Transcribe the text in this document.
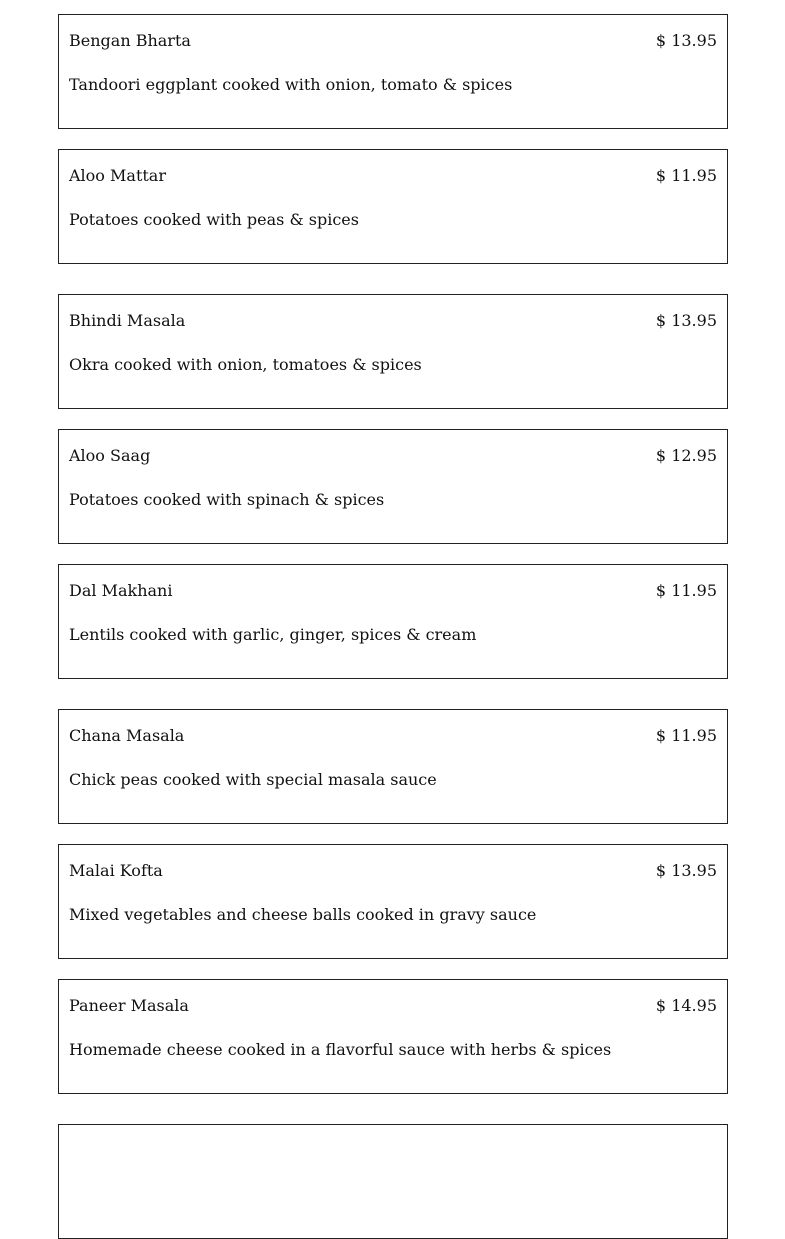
Bengan Bharta	$ 13.95
Tandoori eggplant cooked with onion, tomato & spices
Aloo Mattar	$ 11.95
Potatoes cooked with peas & spices
Bhindi Masala	$ 13.95
Okra cooked with onion, tomatoes & spices
Aloo Saag	$ 12.95
Potatoes cooked with spinach & spices
Dal Makhani	$ 11.95
Lentils cooked with garlic, ginger, spices & cream
Chana Masala	$ 11.95
Chick peas cooked with special masala sauce
Malai Kofta	$ 13.95
Mixed vegetables and cheese balls cooked in gravy sauce
Paneer Masala	$ 14.95
Homemade cheese cooked in a flavorful sauce with herbs & spices
